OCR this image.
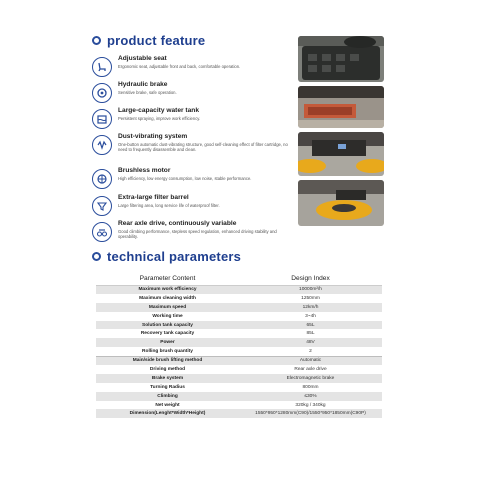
product feature
Adjustable seat
Ergonomic seat, adjustable front and back, comfortable operation.
Hydraulic brake
Sensitive brake, safe operation.
Large-capacity water tank
Persistent spraying, improve work efficiency.
Dust-vibrating system
One-button automatic dust-vibrating structure, good self-cleaning effect of filter cartridge, no need to frequently disassemble and clean.
Brushless motor
High efficiency, low energy consumption, low noise, stable performance.
Extra-large filter barrel
Large filtering area, long service life of waterproof filter.
Rear axle drive, continuously variable
Good climbing performance, stepless speed regulation, enhanced driving stability and operability.
technical parameters
Parameter Content	Design Index
Maximum work efficiency	10000m²/h
Maximum cleaning width	1250mm
Maximum speed	12km/h
Working time	3~4h
Solution tank capacity	65L
Recovery tank capacity	85L
Power	48V
Rolling brush quantity	2
Main/side brush lifting method	Automatic
Driving method	Rear axle drive
Brake system	Electromagnetic brake
Turning Radius	800mm
Climbing	≤30%
Net weight	320kg / 340kg
Dimension(Lenght*Width*Height)	1550*950*1280mm(C90)/1550*950*1850mm(C90P)
